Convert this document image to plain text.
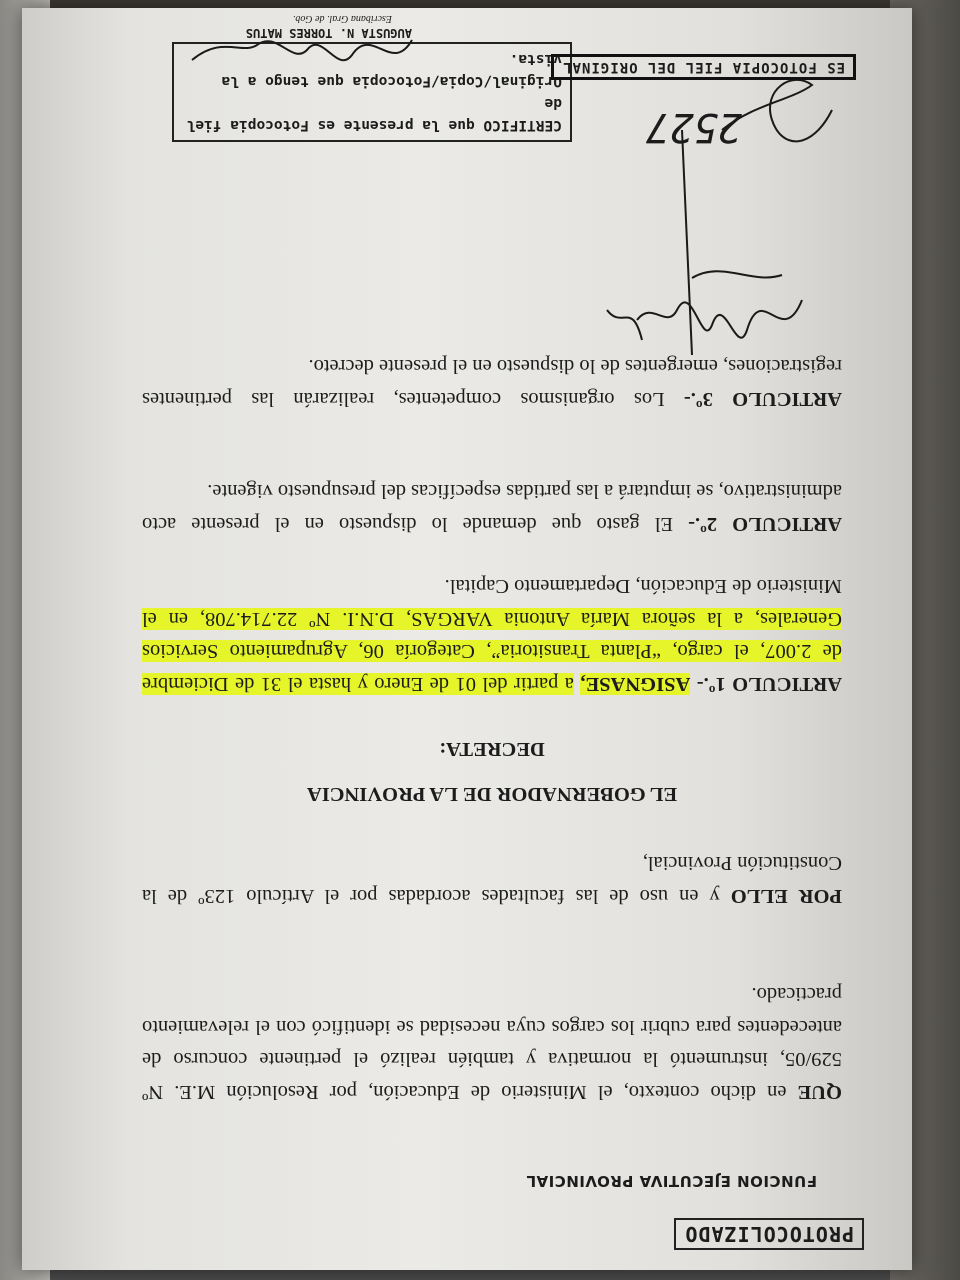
PROTOCOLIZADO
FUNCION EJECUTIVA PROVINCIAL
QUE en dicho contexto, el Ministerio de Educación, por Resolución M.E. Nº 529/05, instrumentó la normativa y también realizó el pertinente concurso de antecedentes para cubrir los cargos cuya necesidad se identificó con el relevamiento practicado.
POR ELLO y en uso de las facultades acordadas por el Artículo 123º de la Constitución Provincial,
EL GOBERNADOR DE LA PROVINCIA
DECRETA:
ARTICULO 1º.- ASIGNASE, a partir del 01 de Enero y hasta el 31 de Diciembre de 2.007, el cargo, “Planta Transitoria”, Categoría 06, Agrupamiento Servicios Generales, a la señora María Antonia VARGAS, D.N.I. Nº 22.714.708, en el Ministerio de Educación, Departamento Capital.
ARTICULO 2º.- El gasto que demande lo dispuesto en el presente acto administrativo, se imputará a las partidas específicas del presupuesto vigente.
ARTICULO 3º.- Los organismos competentes, realizarán las pertinentes registraciones, emergentes de lo dispuesto en el presente decreto.
2527
CERTIFICO que la presente es Fotocopia fiel de
Original/Copia/Fotocopia que tengo a la vista. ES FOTOCOPIA FIEL DEL ORIGINAL
AUGUSTA N. TORRES MATUS
Escribana Gral. de Gob.
